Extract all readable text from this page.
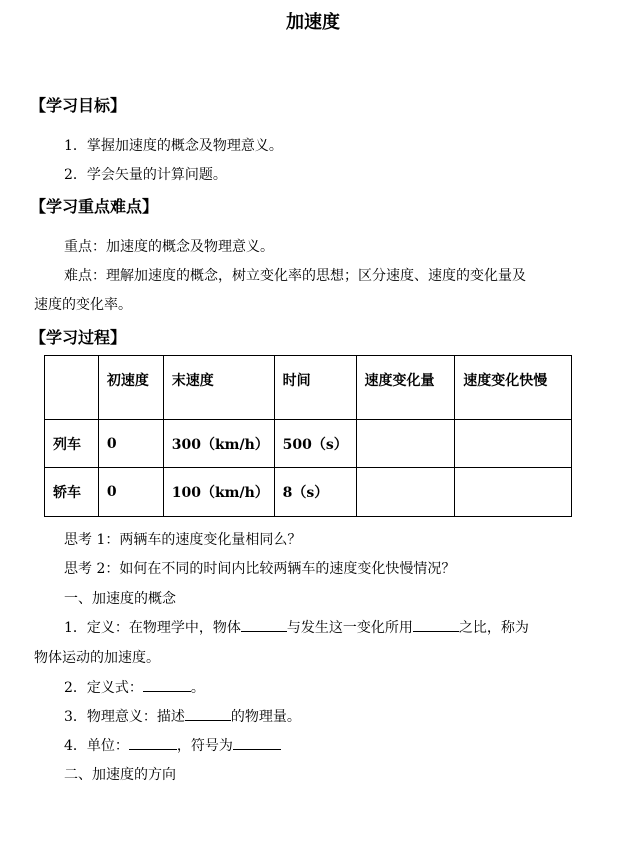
加速度
【学习目标】
1．掌握加速度的概念及物理意义。
2．学会矢量的计算问题。
【学习重点难点】
重点：加速度的概念及物理意义。
难点：理解加速度的概念，树立变化率的思想；区分速度、速度的变化量及
速度的变化率。
【学习过程】
	初速度	末速度	时间	速度变化量	速度变化快慢
列车	0	300（km/h）	500（s）		
轿车	0	100（km/h）	8（s）		
思考 1：两辆车的速度变化量相同么？
思考 2：如何在不同的时间内比较两辆车的速度变化快慢情况？
一、加速度的概念
1．定义：在物理学中，物体	与发生这一变化所用	之比，称为
物体运动的加速度。
2．定义式：	。
3．物理意义：描述	的物理量。
4．单位：	，符号为
二、加速度的方向
